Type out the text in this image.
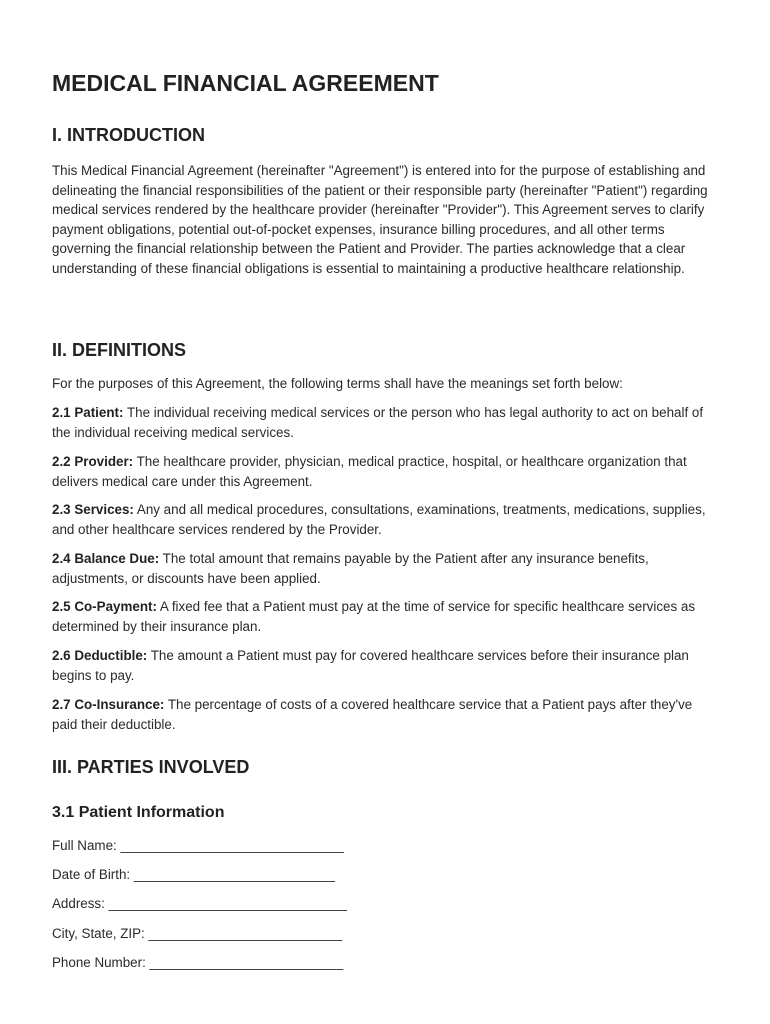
MEDICAL FINANCIAL AGREEMENT
I. INTRODUCTION

This Medical Financial Agreement (hereinafter "Agreement") is entered into for the purpose of establishing and delineating the financial responsibilities of the patient or their responsible party (hereinafter "Patient") regarding medical services rendered by the healthcare provider (hereinafter "Provider"). This Agreement serves to clarify payment obligations, potential out-of-pocket expenses, insurance billing procedures, and all other terms governing the financial relationship between the Patient and Provider. The parties acknowledge that a clear understanding of these financial obligations is essential to maintaining a productive healthcare relationship.

II. DEFINITIONS

For the purposes of this Agreement, the following terms shall have the meanings set forth below:

2.1 Patient: The individual receiving medical services or the person who has legal authority to act on behalf of the individual receiving medical services.

2.2 Provider: The healthcare provider, physician, medical practice, hospital, or healthcare organization that delivers medical care under this Agreement.

2.3 Services: Any and all medical procedures, consultations, examinations, treatments, medications, supplies, and other healthcare services rendered by the Provider.

2.4 Balance Due: The total amount that remains payable by the Patient after any insurance benefits, adjustments, or discounts have been applied.

2.5 Co-Payment: A fixed fee that a Patient must pay at the time of service for specific healthcare services as determined by their insurance plan.

2.6 Deductible: The amount a Patient must pay for covered healthcare services before their insurance plan begins to pay.

2.7 Co-Insurance: The percentage of costs of a covered healthcare service that a Patient pays after they've paid their deductible.

III. PARTIES INVOLVED
3.1 Patient Information

Full Name: ______________________________

Date of Birth: ___________________________

Address: ________________________________

City, State, ZIP: __________________________

Phone Number: __________________________
